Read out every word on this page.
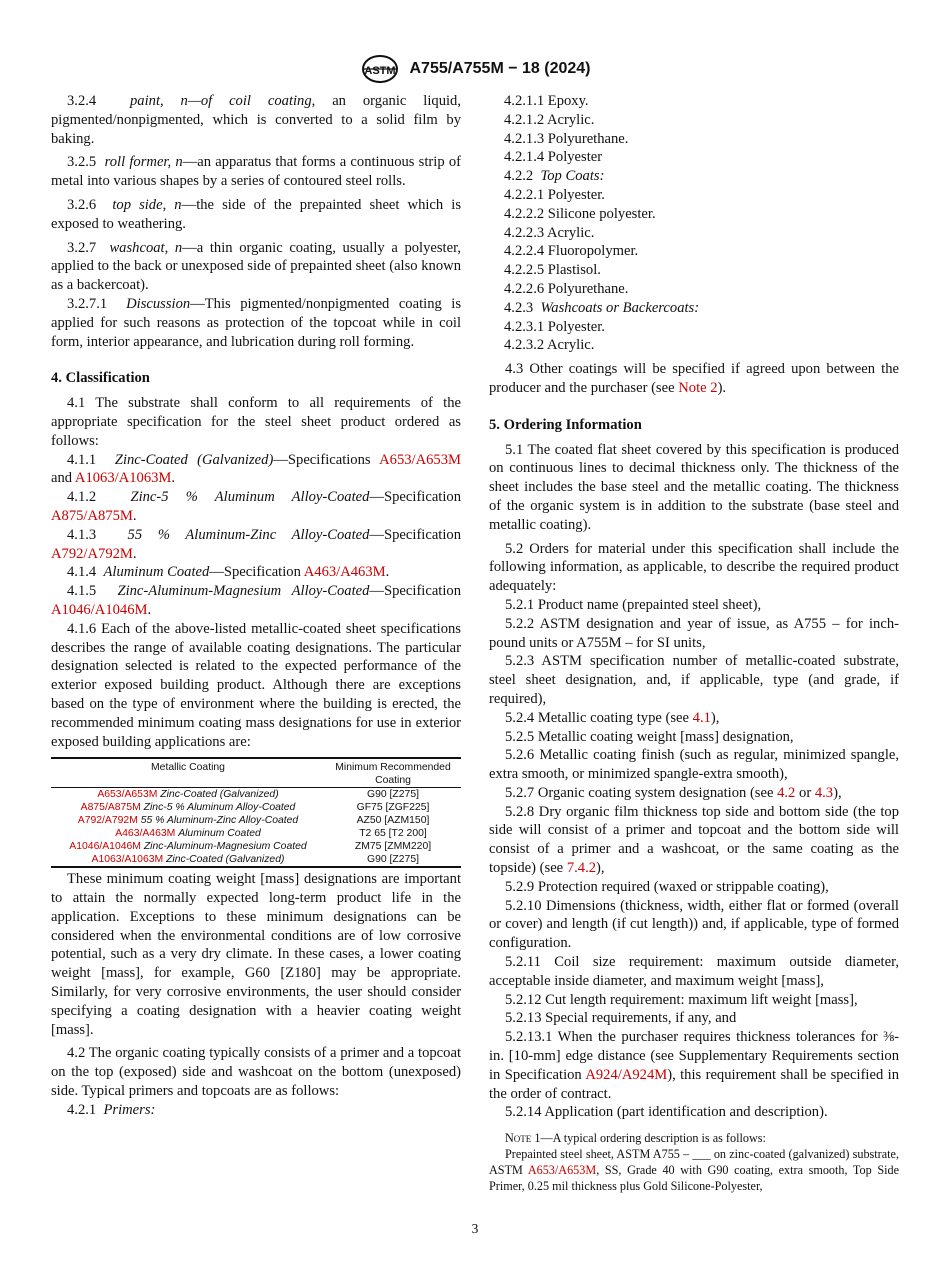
ASTM A755/A755M − 18 (2024)

3.2.4 paint, n—of coil coating, an organic liquid, pigmented/nonpigmented, which is converted to a solid film by baking.

3.2.5 roll former, n—an apparatus that forms a continuous strip of metal into various shapes by a series of contoured steel rolls.

3.2.6 top side, n—the side of the prepainted sheet which is exposed to weathering.

3.2.7 washcoat, n—a thin organic coating, usually a polyester, applied to the back or unexposed side of prepainted sheet (also known as a backercoat).

3.2.7.1 Discussion—This pigmented/nonpigmented coating is applied for such reasons as protection of the topcoat while in coil form, interior appearance, and lubrication during roll forming.

4. Classification

4.1 The substrate shall conform to all requirements of the appropriate specification for the steel sheet product ordered as follows:

4.1.1 Zinc-Coated (Galvanized)—Specifications A653/A653M and A1063/A1063M.

4.1.2 Zinc-5 % Aluminum Alloy-Coated—Specification A875/A875M.

4.1.3 55 % Aluminum-Zinc Alloy-Coated—Specification A792/A792M.

4.1.4 Aluminum Coated—Specification A463/A463M.

4.1.5 Zinc-Aluminum-Magnesium Alloy-Coated—Specification A1046/A1046M.

4.1.6 Each of the above-listed metallic-coated sheet specifications describes the range of available coating designations. The particular designation selected is related to the expected performance of the exterior exposed building product. Although there are exceptions based on the type of environment where the building is erected, the recommended minimum coating mass designations for use in exterior exposed building applications are:

Metallic Coating	Minimum Recommended Coating
A653/A653M Zinc-Coated (Galvanized)	G90 [Z275]
A875/A875M Zinc-5 % Aluminum Alloy-Coated	GF75 [ZGF225]
A792/A792M 55 % Aluminum-Zinc Alloy-Coated	AZ50 [AZM150]
A463/A463M Aluminum Coated	T2 65 [T2 200]
A1046/A1046M Zinc-Aluminum-Magnesium Coated	ZM75 [ZMM220]
A1063/A1063M Zinc-Coated (Galvanized)	G90 [Z275]

These minimum coating weight [mass] designations are important to attain the normally expected long-term product life in the application. Exceptions to these minimum designations can be considered when the environmental conditions are of low corrosive potential, such as a very dry climate. In these cases, a lower coating weight [mass], for example, G60 [Z180] may be appropriate. Similarly, for very corrosive environments, the user should consider specifying a coating designation with a heavier coating weight [mass].

4.2 The organic coating typically consists of a primer and a topcoat on the top (exposed) side and washcoat on the bottom (unexposed) side. Typical primers and topcoats are as follows:

4.2.1 Primers:

4.2.1.1 Epoxy.

4.2.1.2 Acrylic.

4.2.1.3 Polyurethane.

4.2.1.4 Polyester

4.2.2 Top Coats:

4.2.2.1 Polyester.

4.2.2.2 Silicone polyester.

4.2.2.3 Acrylic.

4.2.2.4 Fluoropolymer.

4.2.2.5 Plastisol.

4.2.2.6 Polyurethane.

4.2.3 Washcoats or Backercoats:

4.2.3.1 Polyester.

4.2.3.2 Acrylic.

4.3 Other coatings will be specified if agreed upon between the producer and the purchaser (see Note 2).

5. Ordering Information

5.1 The coated flat sheet covered by this specification is produced on continuous lines to decimal thickness only. The thickness of the sheet includes the base steel and the metallic coating. The thickness of the organic system is in addition to the substrate (base steel and metallic coating).

5.2 Orders for material under this specification shall include the following information, as applicable, to describe the required product adequately:

5.2.1 Product name (prepainted steel sheet),

5.2.2 ASTM designation and year of issue, as A755 – for inch-pound units or A755M – for SI units,

5.2.3 ASTM specification number of metallic-coated substrate, steel sheet designation, and, if applicable, type (and grade, if required),

5.2.4 Metallic coating type (see 4.1),

5.2.5 Metallic coating weight [mass] designation,

5.2.6 Metallic coating finish (such as regular, minimized spangle, extra smooth, or minimized spangle-extra smooth),

5.2.7 Organic coating system designation (see 4.2 or 4.3),

5.2.8 Dry organic film thickness top side and bottom side (the top side will consist of a primer and topcoat and the bottom side will consist of a primer and a washcoat, or the same coating as the topside) (see 7.4.2),

5.2.9 Protection required (waxed or strippable coating),

5.2.10 Dimensions (thickness, width, either flat or formed (overall or cover) and length (if cut length)) and, if applicable, type of formed configuration.

5.2.11 Coil size requirement: maximum outside diameter, acceptable inside diameter, and maximum weight [mass],

5.2.12 Cut length requirement: maximum lift weight [mass],

5.2.13 Special requirements, if any, and

5.2.13.1 When the purchaser requires thickness tolerances for ⅜-in. [10-mm] edge distance (see Supplementary Requirements section in Specification A924/A924M), this requirement shall be specified in the order of contract.

5.2.14 Application (part identification and description).

Note 1—A typical ordering description is as follows:

Prepainted steel sheet, ASTM A755 – ___ on zinc-coated (galvanized) substrate, ASTM A653/A653M, SS, Grade 40 with G90 coating, extra smooth, Top Side Primer, 0.25 mil thickness plus Gold Silicone-Polyester,

3
